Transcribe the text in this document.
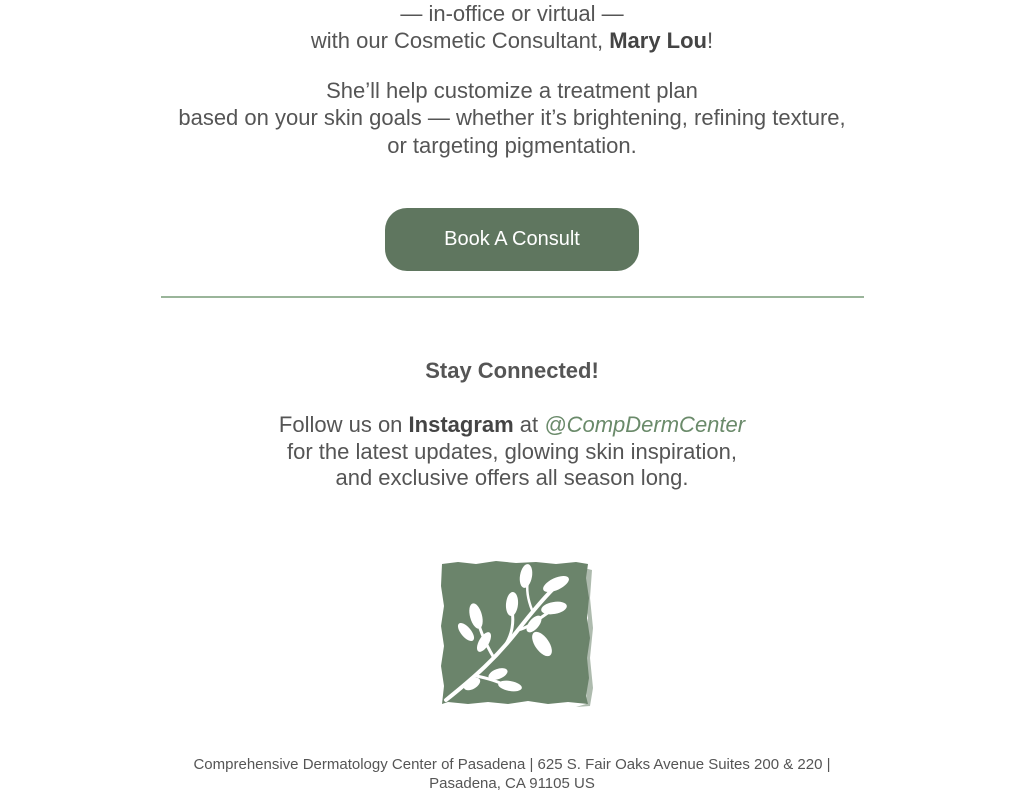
— in-office or virtual —
with our Cosmetic Consultant, Mary Lou!
She’ll help customize a treatment plan
based on your skin goals — whether it’s brightening, refining texture,
or targeting pigmentation.
Book A Consult
Stay Connected!
Follow us on Instagram at @CompDermCenter
for the latest updates, glowing skin inspiration,
and exclusive offers all season long.
Comprehensive Dermatology Center of Pasadena | 625 S. Fair Oaks Avenue Suites 200 & 220 |
Pasadena, CA 91105 US
